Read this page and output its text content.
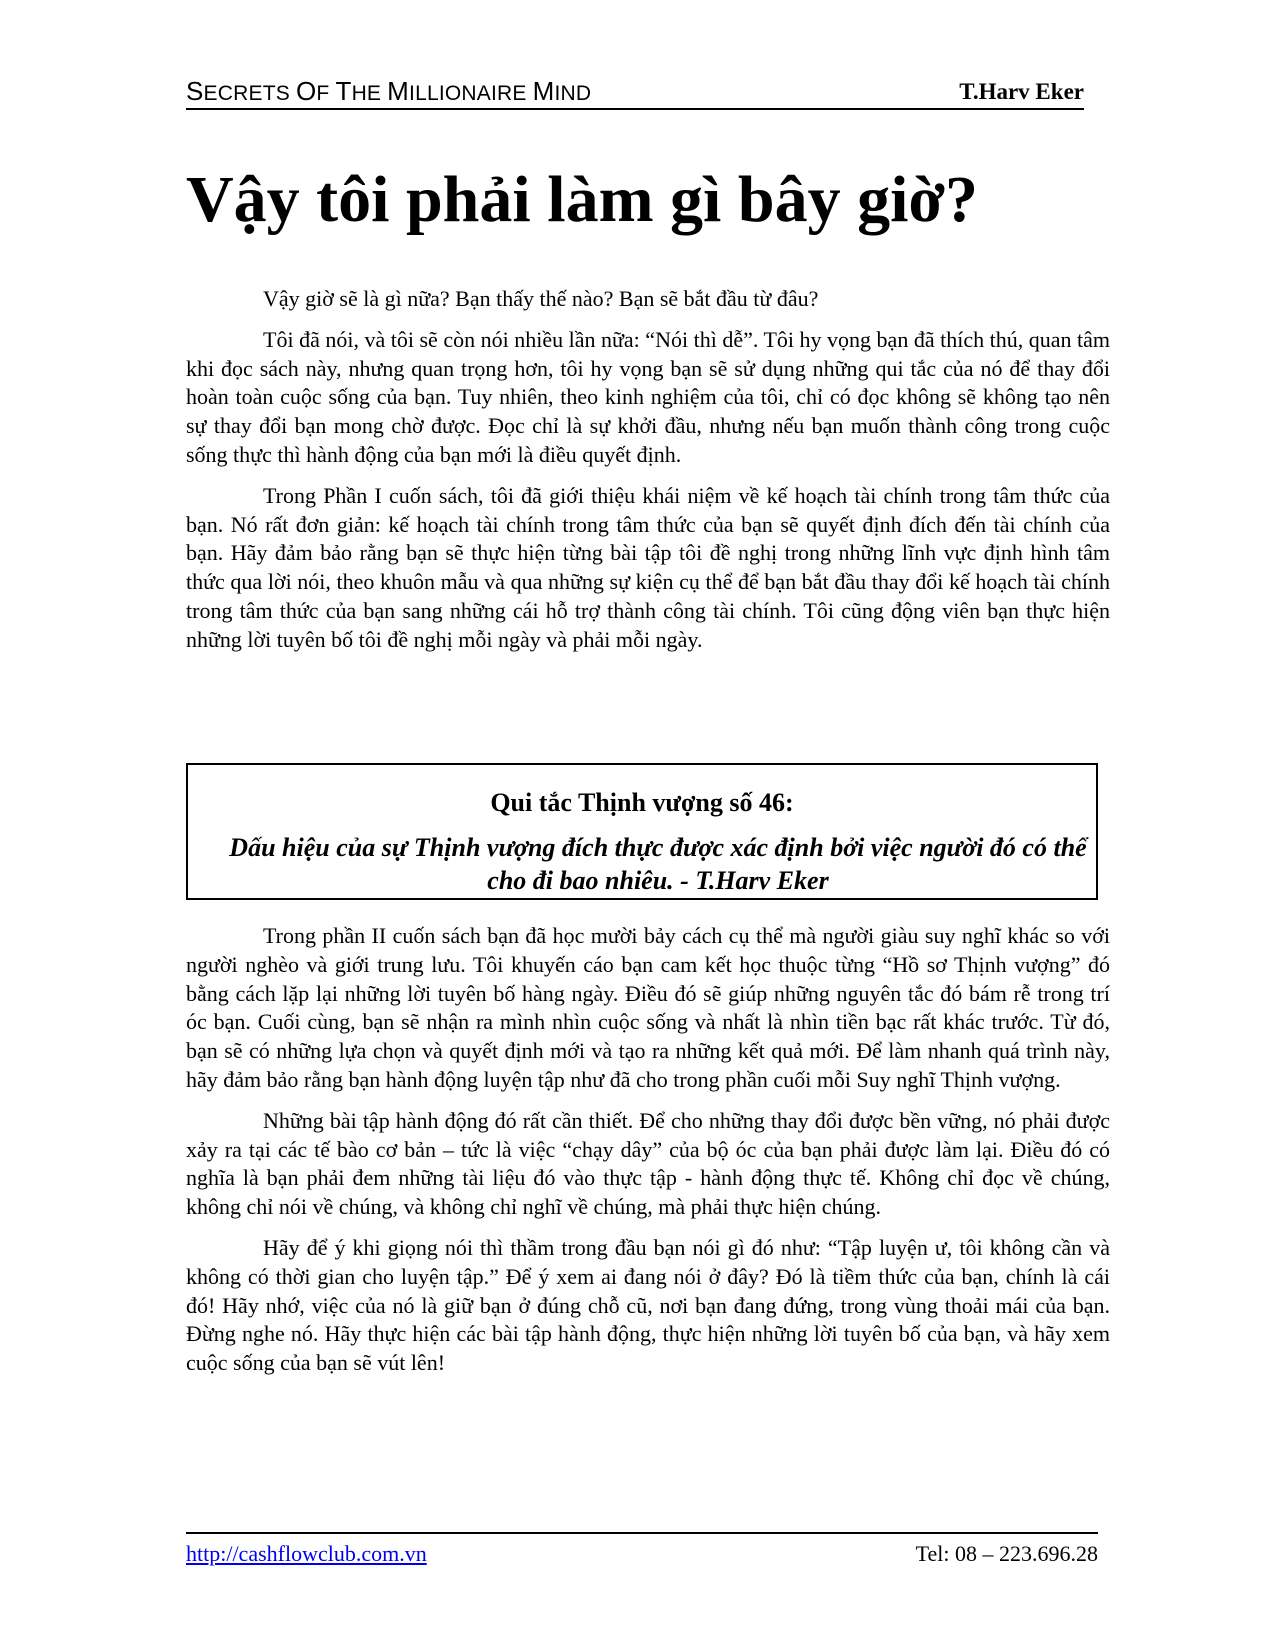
SECRETS OF THE MILLIONAIRE MIND	T.Harv Eker
Vậy tôi phải làm gì bây giờ?

Vậy giờ sẽ là gì nữa? Bạn thấy thế nào? Bạn sẽ bắt đầu từ đâu?

Tôi đã nói, và tôi sẽ còn nói nhiều lần nữa: “Nói thì dễ”. Tôi hy vọng bạn đã thích thú, quan tâm khi đọc sách này, nhưng quan trọng hơn, tôi hy vọng bạn sẽ sử dụng những qui tắc của nó để thay đổi hoàn toàn cuộc sống của bạn. Tuy nhiên, theo kinh nghiệm của tôi, chỉ có đọc không sẽ không tạo nên sự thay đổi bạn mong chờ được. Đọc chỉ là sự khởi đầu, nhưng nếu bạn muốn thành công trong cuộc sống thực thì hành động của bạn mới là điều quyết định.

Trong Phần I cuốn sách, tôi đã giới thiệu khái niệm về kế hoạch tài chính trong tâm thức của bạn. Nó rất đơn giản: kế hoạch tài chính trong tâm thức của bạn sẽ quyết định đích đến tài chính của bạn. Hãy đảm bảo rằng bạn sẽ thực hiện từng bài tập tôi đề nghị trong những lĩnh vực định hình tâm thức qua lời nói, theo khuôn mẫu và qua những sự kiện cụ thể để bạn bắt đầu thay đổi kế hoạch tài chính trong tâm thức của bạn sang những cái hỗ trợ thành công tài chính. Tôi cũng động viên bạn thực hiện những lời tuyên bố tôi đề nghị mỗi ngày và phải mỗi ngày.

Qui tắc Thịnh vượng số 46:
Dấu hiệu của sự Thịnh vượng đích thực được xác định bởi việc người đó có thể cho đi bao nhiêu. - T.Harv Eker

Trong phần II cuốn sách bạn đã học mười bảy cách cụ thể mà người giàu suy nghĩ khác so với người nghèo và giới trung lưu. Tôi khuyến cáo bạn cam kết học thuộc từng “Hồ sơ Thịnh vượng” đó bằng cách lặp lại những lời tuyên bố hàng ngày. Điều đó sẽ giúp những nguyên tắc đó bám rễ trong trí óc bạn. Cuối cùng, bạn sẽ nhận ra mình nhìn cuộc sống và nhất là nhìn tiền bạc rất khác trước. Từ đó, bạn sẽ có những lựa chọn và quyết định mới và tạo ra những kết quả mới. Để làm nhanh quá trình này, hãy đảm bảo rằng bạn hành động luyện tập như đã cho trong phần cuối mỗi Suy nghĩ Thịnh vượng.

Những bài tập hành động đó rất cần thiết. Để cho những thay đổi được bền vững, nó phải được xảy ra tại các tế bào cơ bản – tức là việc “chạy dây” của bộ óc của bạn phải được làm lại. Điều đó có nghĩa là bạn phải đem những tài liệu đó vào thực tập - hành động thực tế. Không chỉ đọc về chúng, không chỉ nói về chúng, và không chỉ nghĩ về chúng, mà phải thực hiện chúng.

Hãy để ý khi giọng nói thì thầm trong đầu bạn nói gì đó như: “Tập luyện ư, tôi không cần và không có thời gian cho luyện tập.” Để ý xem ai đang nói ở đây? Đó là tiềm thức của bạn, chính là cái đó! Hãy nhớ, việc của nó là giữ bạn ở đúng chỗ cũ, nơi bạn đang đứng, trong vùng thoải mái của bạn. Đừng nghe nó. Hãy thực hiện các bài tập hành động, thực hiện những lời tuyên bố của bạn, và hãy xem cuộc sống của bạn sẽ vút lên!

http://cashflowclub.com.vn	Tel: 08 – 223.696.28
